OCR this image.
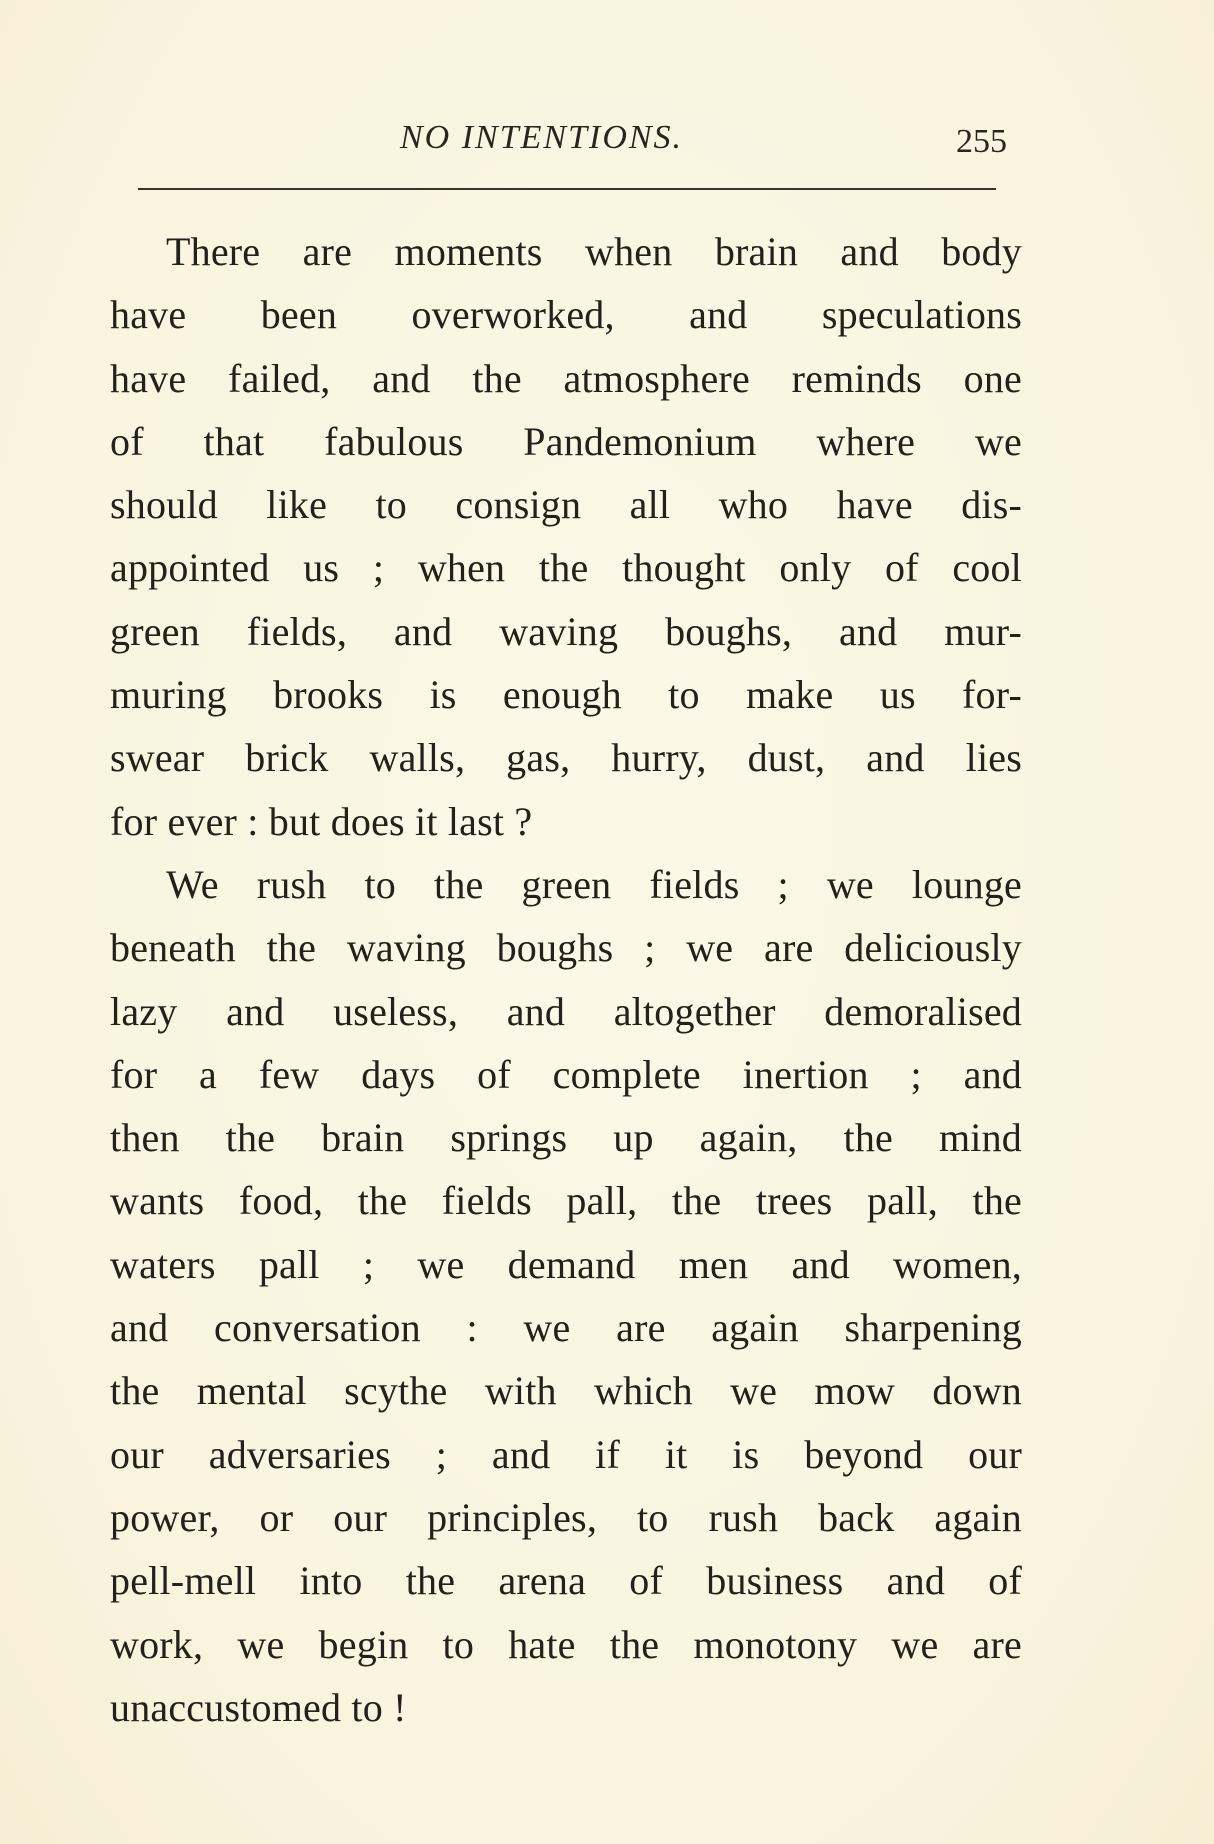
NO INTENTIONS.	255
There are moments when brain and body
have been overworked, and speculations
have failed, and the atmosphere reminds one
of that fabulous Pandemonium where we
should like to consign all who have dis-
appointed us ; when the thought only of cool
green fields, and waving boughs, and mur-
muring brooks is enough to make us for-
swear brick walls, gas, hurry, dust, and lies
for ever : but does it last ?
We rush to the green fields ; we lounge
beneath the waving boughs ; we are deliciously
lazy and useless, and altogether demoralised
for a few days of complete inertion ; and
then the brain springs up again, the mind
wants food, the fields pall, the trees pall, the
waters pall ; we demand men and women,
and conversation : we are again sharpening
the mental scythe with which we mow down
our adversaries ; and if it is beyond our
power, or our principles, to rush back again
pell-mell into the arena of business and of
work, we begin to hate the monotony we are
unaccustomed to !
